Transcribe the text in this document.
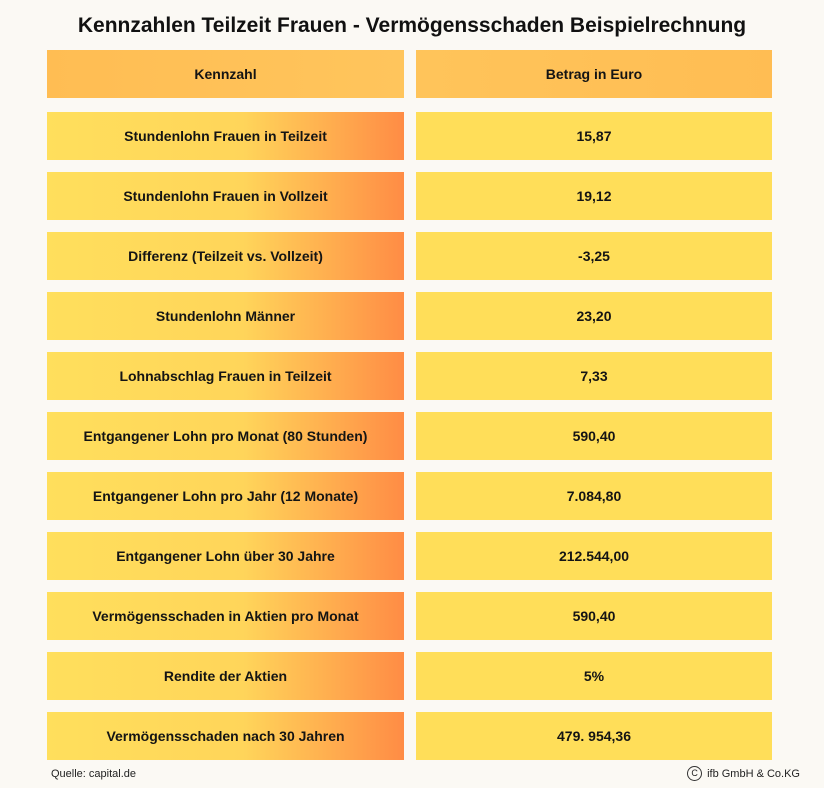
Kennzahlen Teilzeit Frauen - Vermögensschaden Beispielrechnung
Kennzahl	Betrag in Euro
Stundenlohn Frauen in Teilzeit	15,87
Stundenlohn Frauen in Vollzeit	19,12
Differenz (Teilzeit vs. Vollzeit)	-3,25
Stundenlohn Männer	23,20
Lohnabschlag Frauen in Teilzeit	7,33
Entgangener Lohn pro Monat (80 Stunden)	590,40
Entgangener Lohn pro Jahr (12 Monate)	7.084,80
Entgangener Lohn über 30 Jahre	212.544,00
Vermögensschaden in Aktien pro Monat	590,40
Rendite der Aktien	5%
Vermögensschaden nach 30 Jahren	479. 954,36
Quelle: capital.de	C ifb GmbH & Co.KG
